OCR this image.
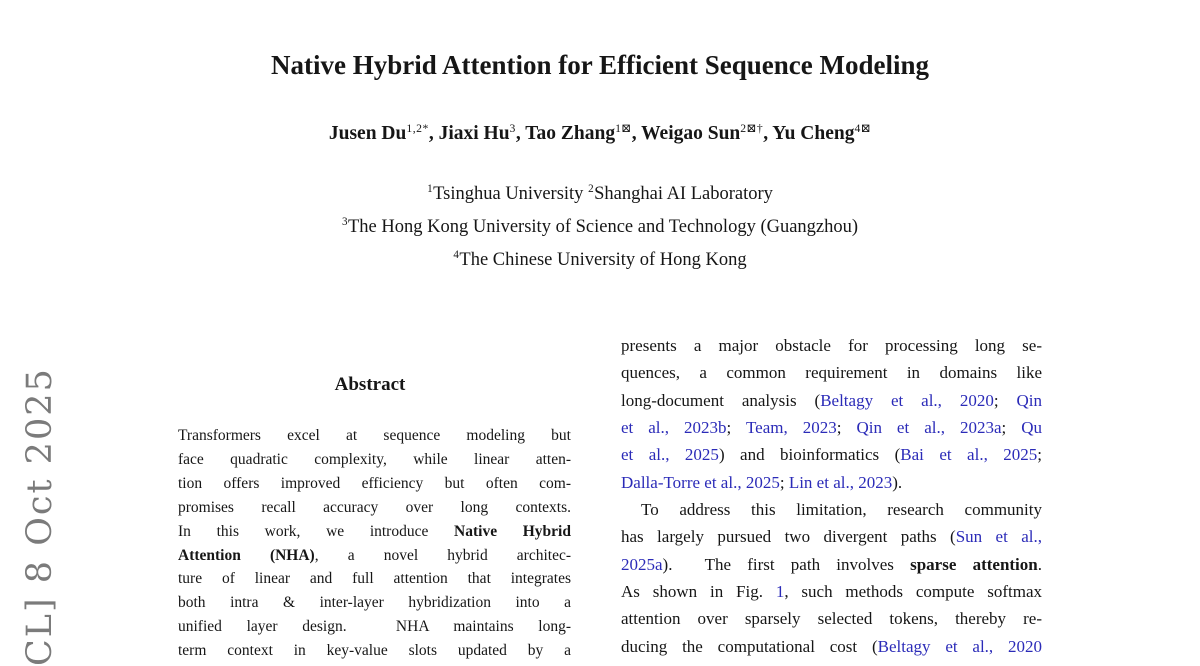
CL] 8 Oct 2025
Native Hybrid Attention for Efficient Sequence Modeling
Jusen $Du^{1,2*}$, Jiaxi Hu$^3$, Tao Zhang$^{1⊠}$, Weigao Sun$^{2⊠\dagger}$, Yu Cheng$^{4⊠}$
$^1$Tsinghua University $^2$Shanghai AI Laboratory
$^3$The Hong Kong University of Science and Technology (Guangzhou)
$^4$The Chinese University of Hong Kong
Abstract
Transformers excel at sequence modeling but
face quadratic complexity, while linear atten-
tion offers improved efficiency but often com-
promises recall accuracy over long contexts.
In this work, we introduce Native Hybrid
Attention (NHA), a novel hybrid architec-
ture of linear and full attention that integrates
both intra & inter-layer hybridization into a
unified layer design.  NHA maintains long-
term context in key-value slots updated by a
presents a major obstacle for processing long se-
quences, a common requirement in domains like
long-document analysis (Beltagy et al., 2020; Qin
et al., 2023b; Team, 2023; Qin et al., 2023a; Qu
et al., 2025) and bioinformatics (Bai et al., 2025;
Dalla-Torre et al., 2025; Lin et al., 2023).
To address this limitation, research community
has largely pursued two divergent paths (Sun et al.,
2025a).  The first path involves sparse attention.
As shown in Fig. 1, such methods compute softmax
attention over sparsely selected tokens, thereby re-
ducing the computational cost (Beltagy et al., 2020
